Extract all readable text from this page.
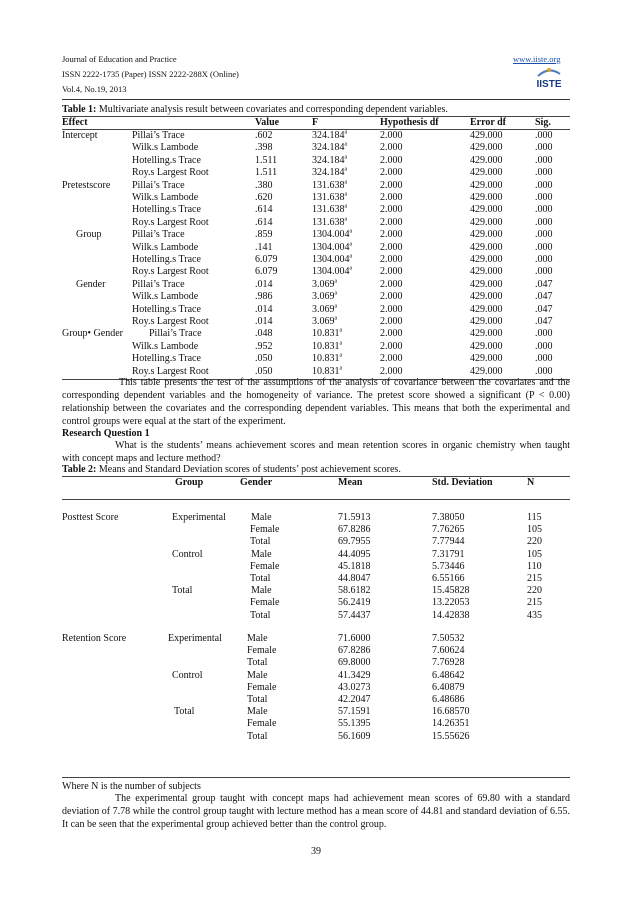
Journal of Education and Practice	www.iiste.org
ISSN 2222-1735 (Paper) ISSN 2222-288X (Online)
Vol.4, No.19, 2013	IISTE
Table 1: Multivariate analysis result between covariates and corresponding dependent variables.
Effect	Value	F	Hypothesis df	Error df	Sig.
Intercept	Pillai’s Trace	.602	324.184$^a$	2.000	429.000	.000
Wilk.s Lambode	.398	324.184$^a$	2.000	429.000	.000
Hotelling.s Trace	1.511	324.184$^a$	2.000	429.000	.000
Roy.s Largest Root	1.511	324.184$^a$	2.000	429.000	.000
Pretestscore Pillai’s Trace	.380	131.638$^a$	2.000	429.000	.000
Wilk.s Lambode	.620	131.638$^a$	2.000	429.000	.000
Hotelling.s Trace	.614	131.638$^a$	2.000	429.000	.000
Roy.s Largest Root	.614	131.638$^a$	2.000	429.000	.000
Group	Pillai’s Trace	.859	1304.004$^a$	2.000	429.000	.000
Wilk.s Lambode	.141	1304.004$^a$	2.000	429.000	.000
Hotelling.s Trace	6.079	1304.004$^a$	2.000	429.000	.000
Roy.s Largest Root	6.079	1304.004$^a$	2.000	429.000	.000
Gender	Pillai’s Trace	.014	3.069$^a$	2.000	429.000	.047
Wilk.s Lambode	.986	3.069$^a$	2.000	429.000	.047
Hotelling.s Trace	.014	3.069$^a$	2.000	429.000	.047
Roy.s Largest Root	.014	3.069$^a$	2.000	429.000	.047
Group• Gender	Pillai’s Trace	.048	10.831$^a$	2.000	429.000	.000
Wilk.s Lambode	.952	10.831$^a$	2.000	429.000	.000
Hotelling.s Trace	.050	10.831$^a$	2.000	429.000	.000
Roy.s Largest Root	.050	10.831$^a$	2.000	429.000	.000
This table presents the test of the assumptions of the analysis of covariance between the covariates and the corresponding dependent variables and the homogeneity of variance. The pretest score showed a significant (P < 0.00) relationship between the covariates and the corresponding dependent variables. This means that both the experimental and control groups were equal at the start of the experiment.
Research Question 1
What is the students’ means achievement scores and mean retention scores in organic chemistry when taught with concept maps and lecture method?
Table 2: Means and Standard Deviation scores of students’ post achievement scores.
Group	Gender	Mean	Std. Deviation	N
Posttest Score	Experimental	Male	71.5913	7.38050	115
Female	67.8286	7.76265	105
Total	69.7955	7.77944	220
Control	Male	44.4095	7.31791	105
Female	45.1818	5.73446	110
Total	44.8047	6.55166	215
Total	Male	58.6182	15.45828	220
Female	56.2419	13.22053	215
Total	57.4437	14.42838	435
Retention Score	Experimental	Male	71.6000	7.50532
Female	67.8286	7.60624
Total	69.8000	7.76928
Control	Male	41.3429	6.48642
Female	43.0273	6.40879
Total	42.2047	6.48686
Total	Male	57.1591	16.68570
Female	55.1395	14.26351
Total	56.1609	15.55626
Where N is the number of subjects
The experimental group taught with concept maps had achievement mean scores of 69.80 with a standard deviation of 7.78 while the control group taught with lecture method has a mean score of 44.81 and standard deviation of 6.55. It can be seen that the experimental group achieved better than the control group.
39
